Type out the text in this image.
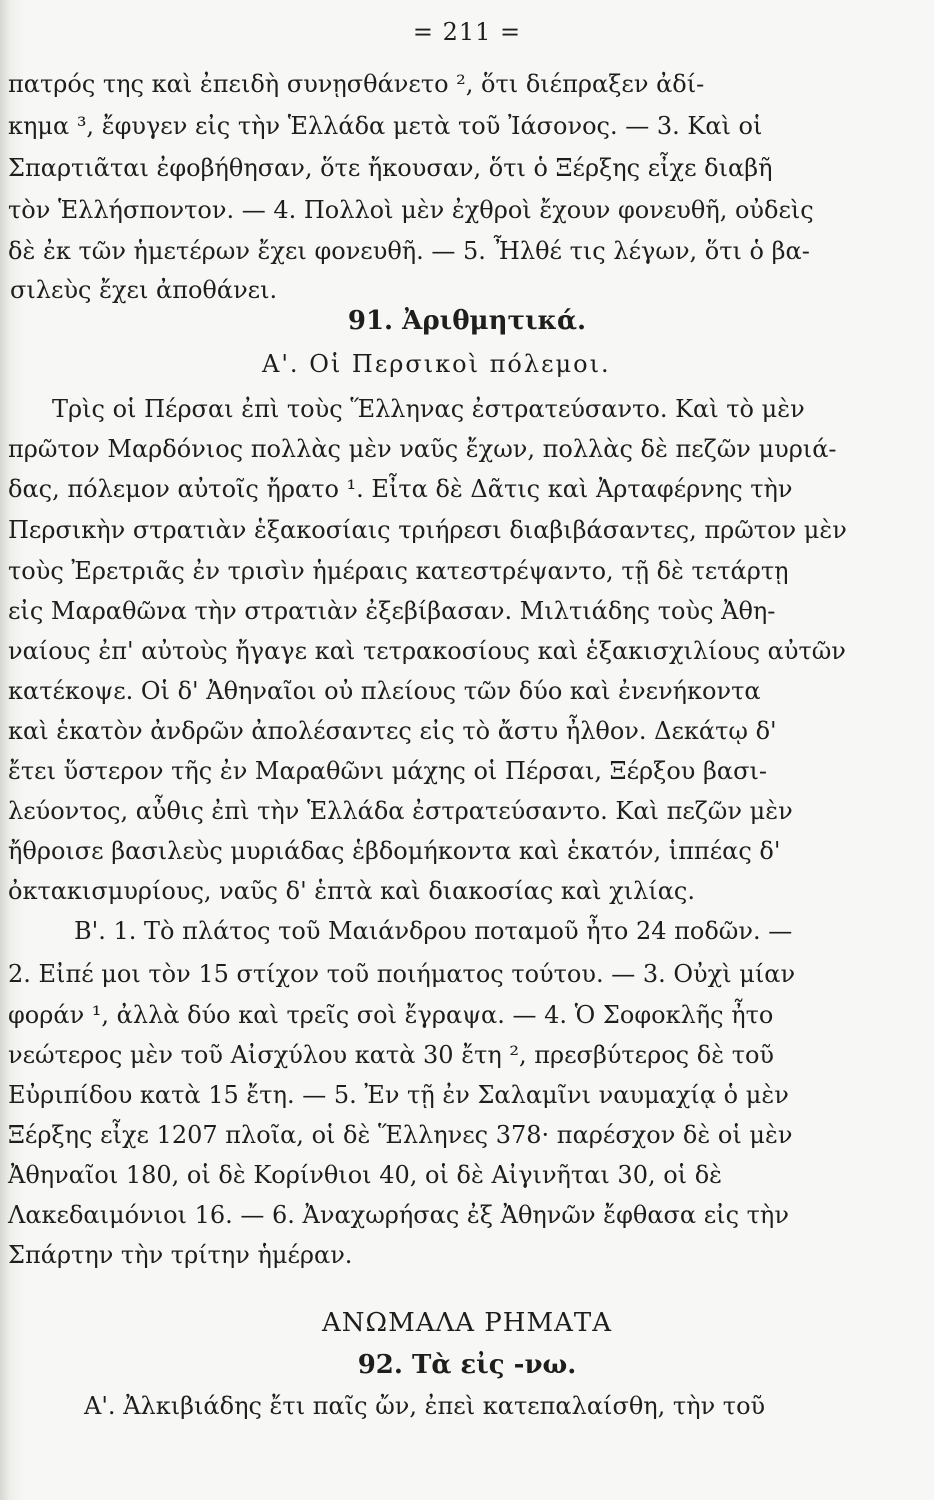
= 211 =
πατρός της καὶ ἐπειδὴ συνῃσθάνετο ², ὅτι διέπραξεν ἀδί-
κημα ³, ἔφυγεν εἰς τὴν Ἑλλάδα μετὰ τοῦ Ἰάσονος. — 3. Καὶ οἱ
Σπαρτιᾶται ἐφοβήθησαν, ὅτε ἤκουσαν, ὅτι ὁ Ξέρξης εἶχε διαβῆ
τὸν Ἑλλήσποντον. — 4. Πολλοὶ μὲν ἐχθροὶ ἔχουν φονευθῆ, οὐδεὶς
δὲ ἐκ τῶν ἡμετέρων ἔχει φονευθῆ. — 5. Ἦλθέ τις λέγων, ὅτι ὁ βα-
σιλεὺς ἔχει ἀποθάνει.
91. Ἀριθμητικά.
Α'. Οἱ Περσικοὶ πόλεμοι.
Τρὶς οἱ Πέρσαι ἐπὶ τοὺς Ἕλληνας ἐστρατεύσαντο. Καὶ τὸ μὲν
πρῶτον Μαρδόνιος πολλὰς μὲν ναῦς ἔχων, πολλὰς δὲ πεζῶν μυριά-
δας, πόλεμον αὐτοῖς ἤρατο ¹. Εἶτα δὲ Δᾶτις καὶ Ἀρταφέρνης τὴν
Περσικὴν στρατιὰν ἑξακοσίαις τριήρεσι διαβιβάσαντες, πρῶτον μὲν
τοὺς Ἐρετριᾶς ἐν τρισὶν ἡμέραις κατεστρέψαντο, τῇ δὲ τετάρτῃ
εἰς Μαραθῶνα τὴν στρατιὰν ἐξεβίβασαν. Μιλτιάδης τοὺς Ἀθη-
ναίους ἐπ' αὐτοὺς ἤγαγε καὶ τετρακοσίους καὶ ἑξακισχιλίους αὐτῶν
κατέκοψε. Οἱ δ' Ἀθηναῖοι οὐ πλείους τῶν δύο καὶ ἐνενήκοντα
καὶ ἑκατὸν ἀνδρῶν ἀπολέσαντες εἰς τὸ ἄστυ ἦλθον. Δεκάτῳ δ'
ἔτει ὕστερον τῆς ἐν Μαραθῶνι μάχης οἱ Πέρσαι, Ξέρξου βασι-
λεύοντος, αὖθις ἐπὶ τὴν Ἑλλάδα ἐστρατεύσαντο. Καὶ πεζῶν μὲν
ἤθροισε βασιλεὺς μυριάδας ἑβδομήκοντα καὶ ἑκατόν, ἱππέας δ'
ὀκτακισμυρίους, ναῦς δ' ἑπτὰ καὶ διακοσίας καὶ χιλίας.
Β'. 1. Τὸ πλάτος τοῦ Μαιάνδρου ποταμοῦ ἦτο 24 ποδῶν. —
2. Εἰπέ μοι τὸν 15 στίχον τοῦ ποιήματος τούτου. — 3. Οὐχὶ μίαν
φοράν ¹, ἀλλὰ δύο καὶ τρεῖς σοὶ ἔγραψα. — 4. Ὁ Σοφοκλῆς ἦτο
νεώτερος μὲν τοῦ Αἰσχύλου κατὰ 30 ἔτη ², πρεσβύτερος δὲ τοῦ
Εὐριπίδου κατὰ 15 ἔτη. — 5. Ἐν τῇ ἐν Σαλαμῖνι ναυμαχίᾳ ὁ μὲν
Ξέρξης εἶχε 1207 πλοῖα, οἱ δὲ Ἕλληνες 378· παρέσχον δὲ οἱ μὲν
Ἀθηναῖοι 180, οἱ δὲ Κορίνθιοι 40, οἱ δὲ Αἰγινῆται 30, οἱ δὲ
Λακεδαιμόνιοι 16. — 6. Ἀναχωρήσας ἐξ Ἀθηνῶν ἔφθασα εἰς τὴν
Σπάρτην τὴν τρίτην ἡμέραν.
ΑΝΩΜΑΛΑ ΡΗΜΑΤΑ
92. Τὰ εἰς -νω.
Α'. Ἀλκιβιάδης ἔτι παῖς ὤν, ἐπεὶ κατεπαλαίσθη, τὴν τοῦ
